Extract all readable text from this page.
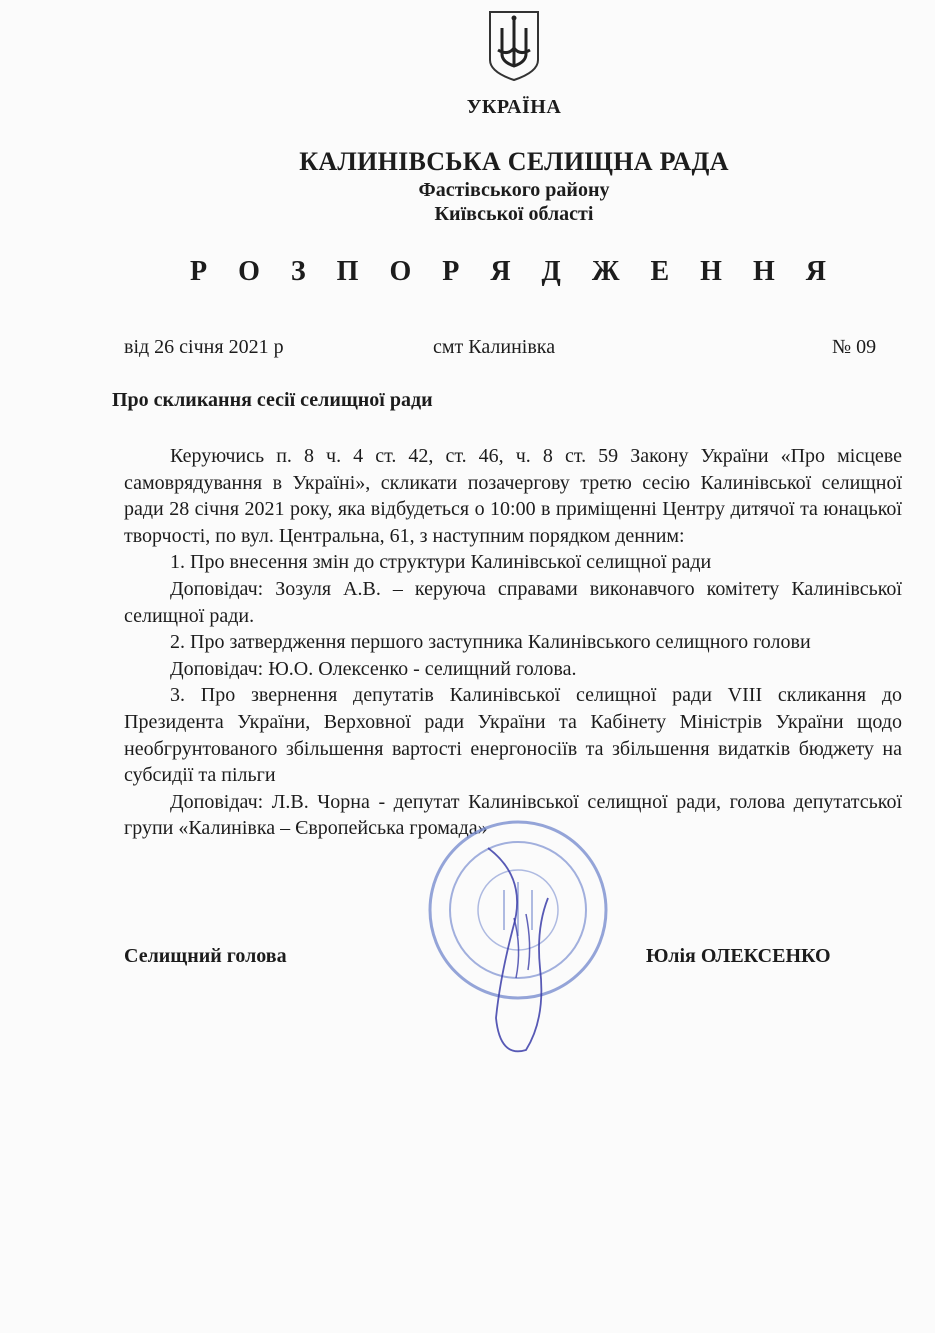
УКРАЇНА
КАЛИНІВСЬКА СЕЛИЩНА РАДА
Фастівського району
Київської області
Р О З П О Р Я Д Ж Е Н Н Я
від 26 січня 2021 р	смт Калинівка	№ 09
Про скликання сесії селищної ради

Керуючись п. 8 ч. 4 ст. 42, ст. 46, ч. 8 ст. 59 Закону України «Про місцеве самоврядування в Україні», скликати позачергову третю сесію Калинівської селищної ради 28 січня 2021 року, яка відбудеться о 10:00 в приміщенні Центру дитячої та юнацької творчості, по вул. Центральна, 61, з наступним порядком денним:

1. Про внесення змін до структури Калинівської селищної ради

Доповідач: Зозуля А.В. – керуюча справами виконавчого комітету Калинівської селищної ради.

2. Про затвердження першого заступника Калинівського селищного голови

Доповідач: Ю.О. Олексенко - селищний голова.

3. Про звернення депутатів Калинівської селищної ради VIII скликання до Президента України, Верховної ради України та Кабінету Міністрів України щодо необгрунтованого збільшення вартості енергоносіїв та збільшення видатків бюджету на субсидії та пільги

Доповідач: Л.В. Чорна - депутат Калинівської селищної ради, голова депутатської групи «Калинівка – Європейська громада»

Селищний голова	Юлія ОЛЕКСЕНКО
